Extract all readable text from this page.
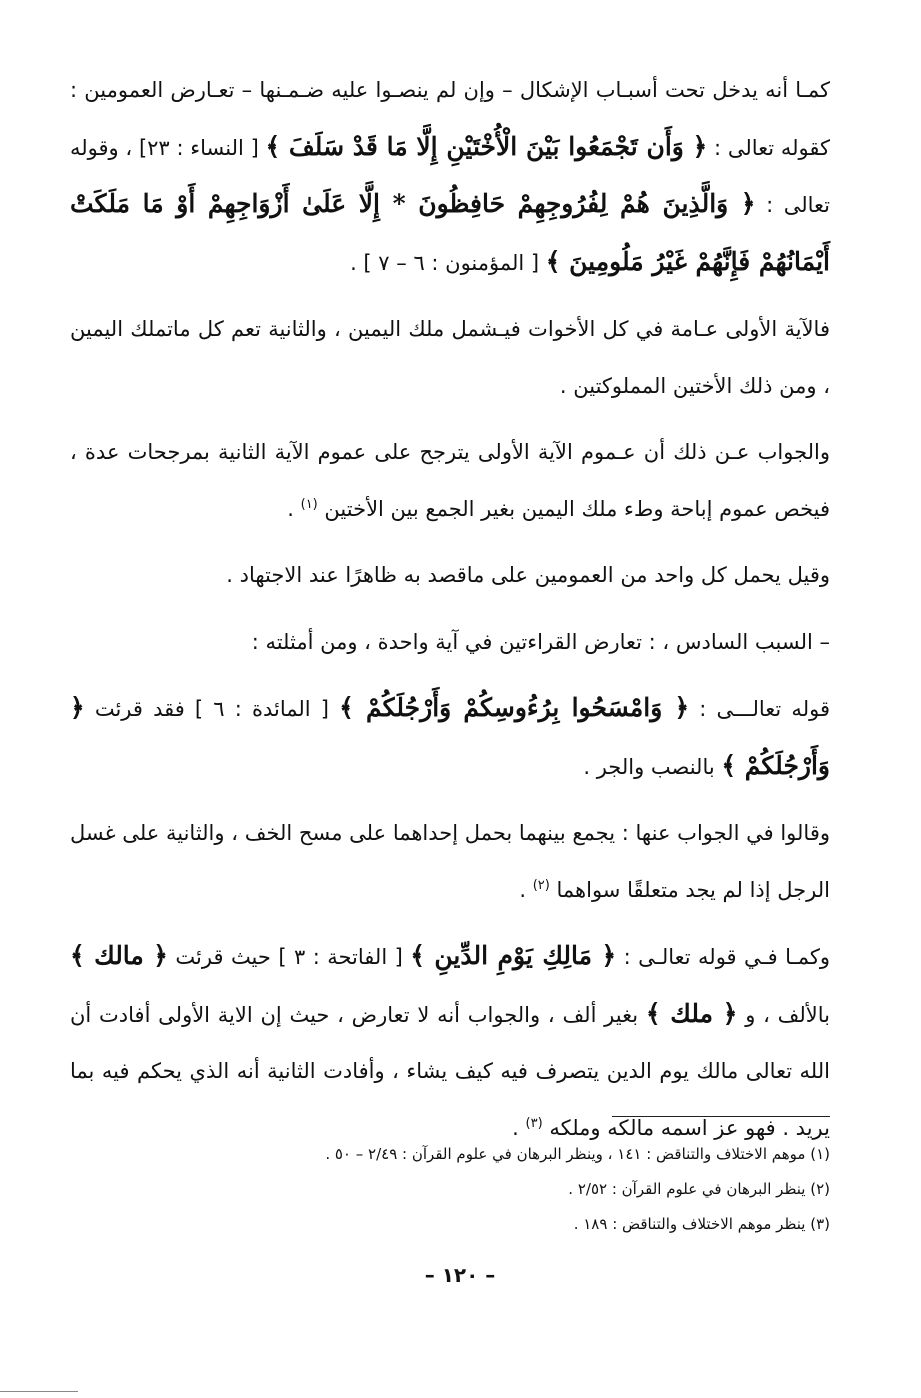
كمـا أنه يدخل تحت أسبـاب الإشكال – وإن لم ينصـوا عليه ضـمـنها – تعـارض العمومين : كقوله تعالى : ﴿ وَأَن تَجْمَعُوا بَيْنَ الْأُخْتَيْنِ إِلَّا مَا قَدْ سَلَفَ ﴾ [ النساء : ٢٣] ، وقوله تعالى : ﴿ وَالَّذِينَ هُمْ لِفُرُوجِهِمْ حَافِظُونَ * إِلَّا عَلَىٰ أَزْوَاجِهِمْ أَوْ مَا مَلَكَتْ أَيْمَانُهُمْ فَإِنَّهُمْ غَيْرُ مَلُومِينَ ﴾ [ المؤمنون : ٦ – ٧ ] .

فالآية الأولى عـامة في كل الأخوات فيـشمل ملك اليمين ، والثانية تعم كل ماتملك اليمين ، ومن ذلك الأختين المملوكتين .

والجواب عـن ذلك أن عـموم الآية الأولى يترجح على عموم الآية الثانية بمرجحات عدة ، فيخص عموم إباحة وطء ملك اليمين بغير الجمع بين الأختين $^{(١)}$ .

وقيل يحمل كل واحد من العمومين على ماقصد به ظاهرًا عند الاجتهاد .

– السبب السادس ، : تعارض القراءتين في آية واحدة ، ومن أمثلته :

قوله تعالـــى : ﴿ وَامْسَحُوا بِرُءُوسِكُمْ وَأَرْجُلَكُمْ ﴾ [ المائدة : ٦ ] فقد قرئت ﴿ وَأَرْجُلَكُمْ ﴾ بالنصب والجر .

وقالوا في الجواب عنها : يجمع بينهما بحمل إحداهما على مسح الخف ، والثانية على غسل الرجل إذا لم يجد متعلقًا سواهما $^{(٢)}$ .

وكمـا فـي قوله تعالـى : ﴿ مَالِكِ يَوْمِ الدِّينِ ﴾ [ الفاتحة : ٣ ] حيث قرئت ﴿ مالك ﴾ بالألف ، و ﴿ ملك ﴾ بغير ألف ، والجواب أنه لا تعارض ، حيث إن الاية الأولى أفادت أن الله تعالى مالك يوم الدين يتصرف فيه كيف يشاء ، وأفادت الثانية أنه الذي يحكم فيه بما يريد . فهو عز اسمه مالكه وملكه $^{(٣)}$ .

(١) موهم الاختلاف والتناقض : ١٤١ ، وينظر البرهان في علوم القرآن : ٢/٤٩ – ٥٠ .

(٢) ينظر البرهان في علوم القرآن : ٢/٥٢ .

(٣) ينظر موهم الاختلاف والتناقض : ١٨٩ .

– ١٢٠ –
